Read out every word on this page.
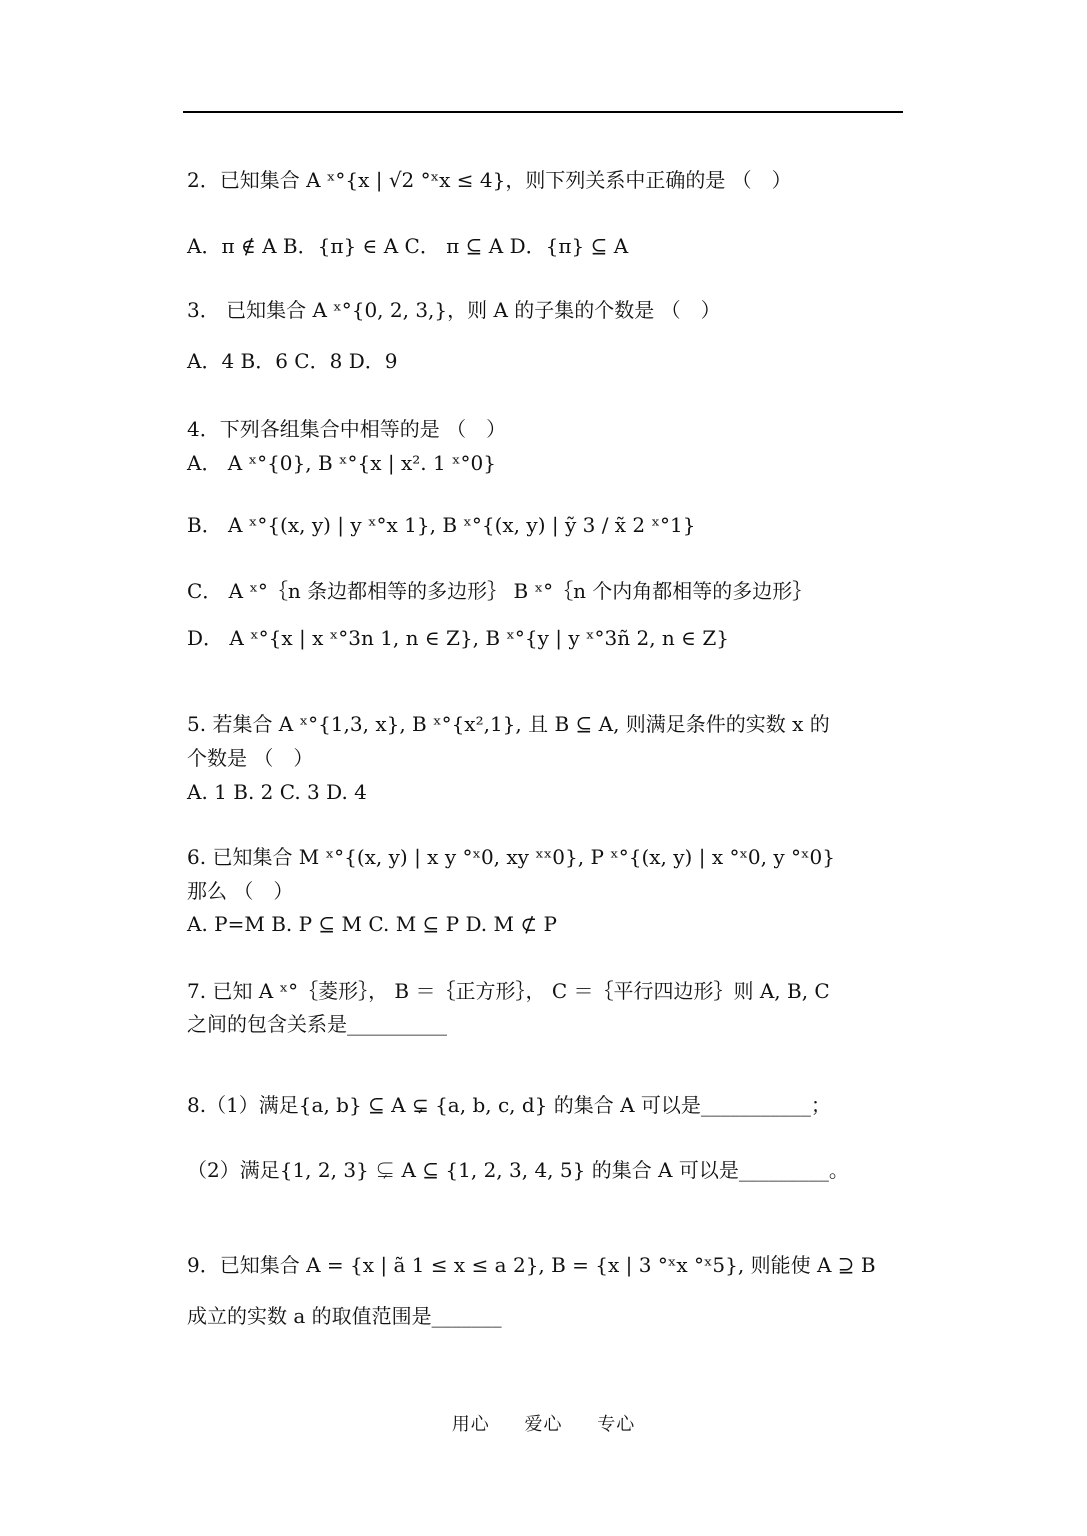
2．已知集合 A ˣ°{x | √2 °ˣx ≤ 4}，则下列关系中正确的是 （　）
A．π ∉ A B．{π} ∈ A C． π ⊆ A D．{π} ⊆ A
3． 已知集合 A ˣ°{0, 2, 3,}，则 A 的子集的个数是 （　）
A．4 B．6 C．8 D．9
4．下列各组集合中相等的是 （　）
A． A ˣ°{0}, B ˣ°{x | x². 1 ˣ°0}
B． A ˣ°{(x, y) | y ˣ°x 1}, B ˣ°{(x, y) | ỹ 3 / x̃ 2 ˣ°1}
C． A ˣ°｛n 条边都相等的多边形｝ B ˣ°｛n 个内角都相等的多边形｝
D． A ˣ°{x | x ˣ°3n 1, n ∈ Z}, B ˣ°{y | y ˣ°3ñ 2, n ∈ Z}
5. 若集合 A ˣ°{1,3, x}, B ˣ°{x²,1}, 且 B ⊆ A, 则满足条件的实数 x 的
个数是 （　）
A. 1 B. 2 C. 3 D. 4
6. 已知集合 M ˣ°{(x, y) | x y °ˣ0, xy ˣˣ0}, P ˣ°{(x, y) | x °ˣ0, y °ˣ0}
那么 （　）
A. P=M B. P ⊆ M C. M ⊆ P D. M ⊄ P
7. 已知 A ˣ°｛菱形｝， B ＝｛正方形｝， C ＝｛平行四边形｝则 A, B, C
之间的包含关系是__________
8.（1）满足{a, b} ⊆ A ⊊ {a, b, c, d} 的集合 A 可以是___________；
（2）满足{1, 2, 3} ⊊ A ⊆ {1, 2, 3, 4, 5} 的集合 A 可以是_________。
9．已知集合 A = {x | ã 1 ≤ x ≤ a 2}, B = {x | 3 °ˣx °ˣ5}, 则能使 A ⊇ B
成立的实数 a 的取值范围是_______
用心 爱心 专心
